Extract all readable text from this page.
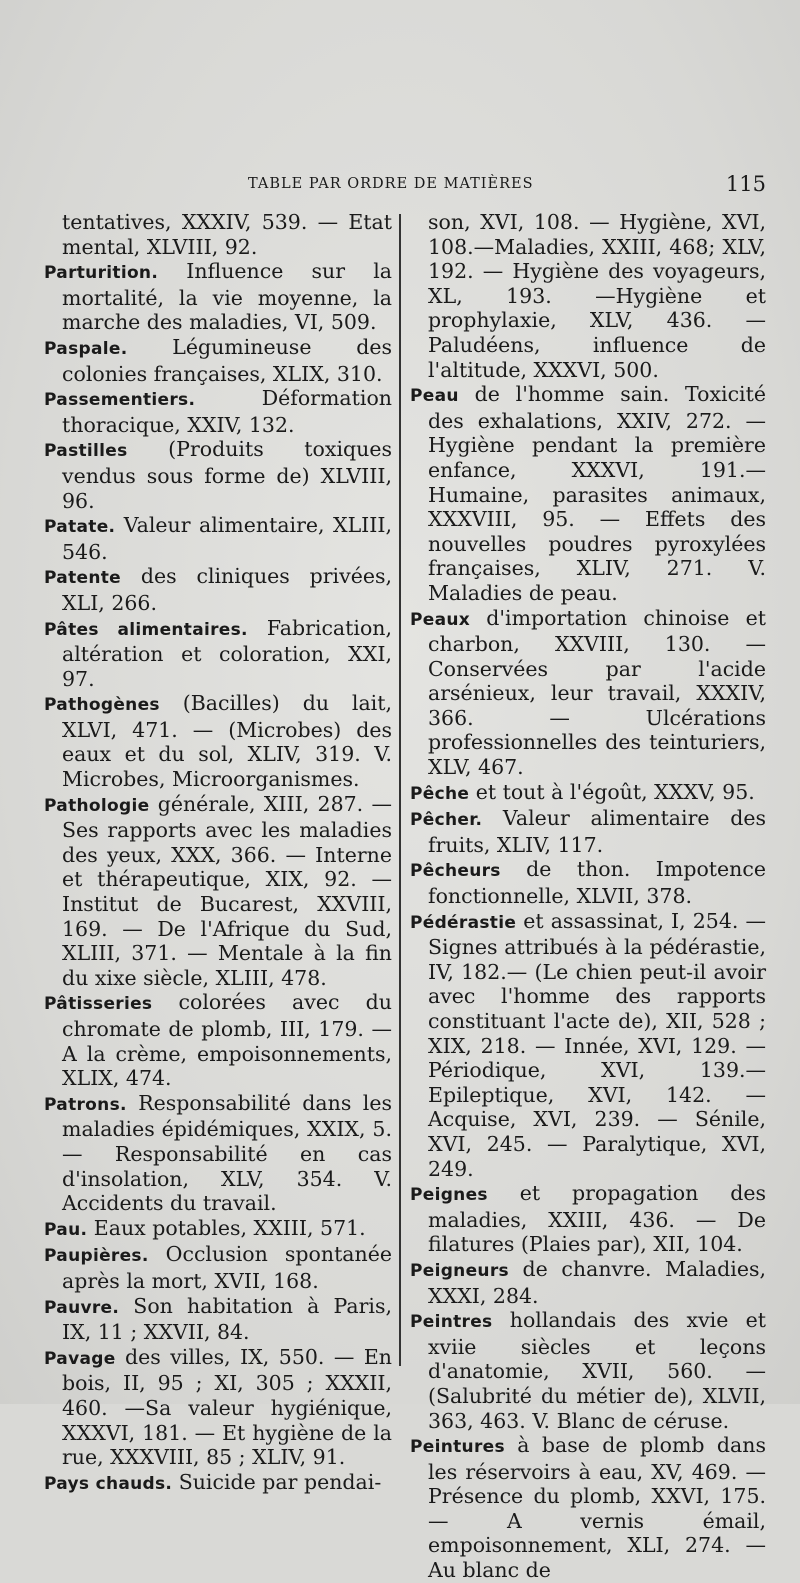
TABLE PAR ORDRE DE MATIÈRES	115

tentatives, XXXIV, 539. — Etat mental, XLVIII, 92.

Parturition. Influence sur la mortalité, la vie moyenne, la marche des maladies, VI, 509.

Paspale. Légumineuse des colonies françaises, XLIX, 310.

Passementiers. Déformation thoracique, XXIV, 132.

Pastilles (Produits toxiques vendus sous forme de) XLVIII, 96.

Patate. Valeur alimentaire, XLIII, 546.

Patente des cliniques privées, XLI, 266.

Pâtes alimentaires. Fabrication, altération et coloration, XXI, 97.

Pathogènes (Bacilles) du lait, XLVI, 471. — (Microbes) des eaux et du sol, XLIV, 319. V. Microbes, Microorganismes.

Pathologie générale, XIII, 287. — Ses rapports avec les maladies des yeux, XXX, 366. — Interne et thérapeutique, XIX, 92. — Institut de Bucarest, XXVIII, 169. — De l'Afrique du Sud, XLIII, 371. — Mentale à la fin du xixe siècle, XLIII, 478.

Pâtisseries colorées avec du chromate de plomb, III, 179. — A la crème, empoisonnements, XLIX, 474.

Patrons. Responsabilité dans les maladies épidémiques, XXIX, 5. — Responsabilité en cas d'insolation, XLV, 354. V. Accidents du travail.

Pau. Eaux potables, XXIII, 571.

Paupières. Occlusion spontanée après la mort, XVII, 168.

Pauvre. Son habitation à Paris, IX, 11 ; XXVII, 84.

Pavage des villes, IX, 550. — En bois, II, 95 ; XI, 305 ; XXXII, 460. —Sa valeur hygiénique, XXXVI, 181. — Et hygiène de la rue, XXXVIII, 85 ; XLIV, 91.

Pays chauds. Suicide par pendai-

son, XVI, 108. — Hygiène, XVI, 108.—Maladies, XXIII, 468; XLV, 192. — Hygiène des voyageurs, XL, 193. —Hygiène et prophylaxie, XLV, 436. — Paludéens, influence de l'altitude, XXXVI, 500.

Peau de l'homme sain. Toxicité des exhalations, XXIV, 272. — Hygiène pendant la première enfance, XXXVI, 191.— Humaine, parasites animaux, XXXVIII, 95. — Effets des nouvelles poudres pyroxylées françaises, XLIV, 271. V. Maladies de peau.

Peaux d'importation chinoise et charbon, XXVIII, 130. — Conservées par l'acide arsénieux, leur travail, XXXIV, 366. — Ulcérations professionnelles des teinturiers, XLV, 467.

Pêche et tout à l'égoût, XXXV, 95.

Pêcher. Valeur alimentaire des fruits, XLIV, 117.

Pêcheurs de thon. Impotence fonctionnelle, XLVII, 378.

Pédérastie et assassinat, I, 254. —Signes attribués à la pédérastie, IV, 182.— (Le chien peut-il avoir avec l'homme des rapports constituant l'acte de), XII, 528 ; XIX, 218. — Innée, XVI, 129. — Périodique, XVI, 139.—Epileptique, XVI, 142. — Acquise, XVI, 239. — Sénile, XVI, 245. — Paralytique, XVI, 249.

Peignes et propagation des maladies, XXIII, 436. — De filatures (Plaies par), XII, 104.

Peigneurs de chanvre. Maladies, XXXI, 284.

Peintres hollandais des xvie et xviie siècles et leçons d'anatomie, XVII, 560. —(Salubrité du métier de), XLVII, 363, 463. V. Blanc de céruse.

Peintures à base de plomb dans les réservoirs à eau, XV, 469. — Présence du plomb, XXVI, 175. — A vernis émail, empoisonnement, XLI, 274. — Au blanc de
